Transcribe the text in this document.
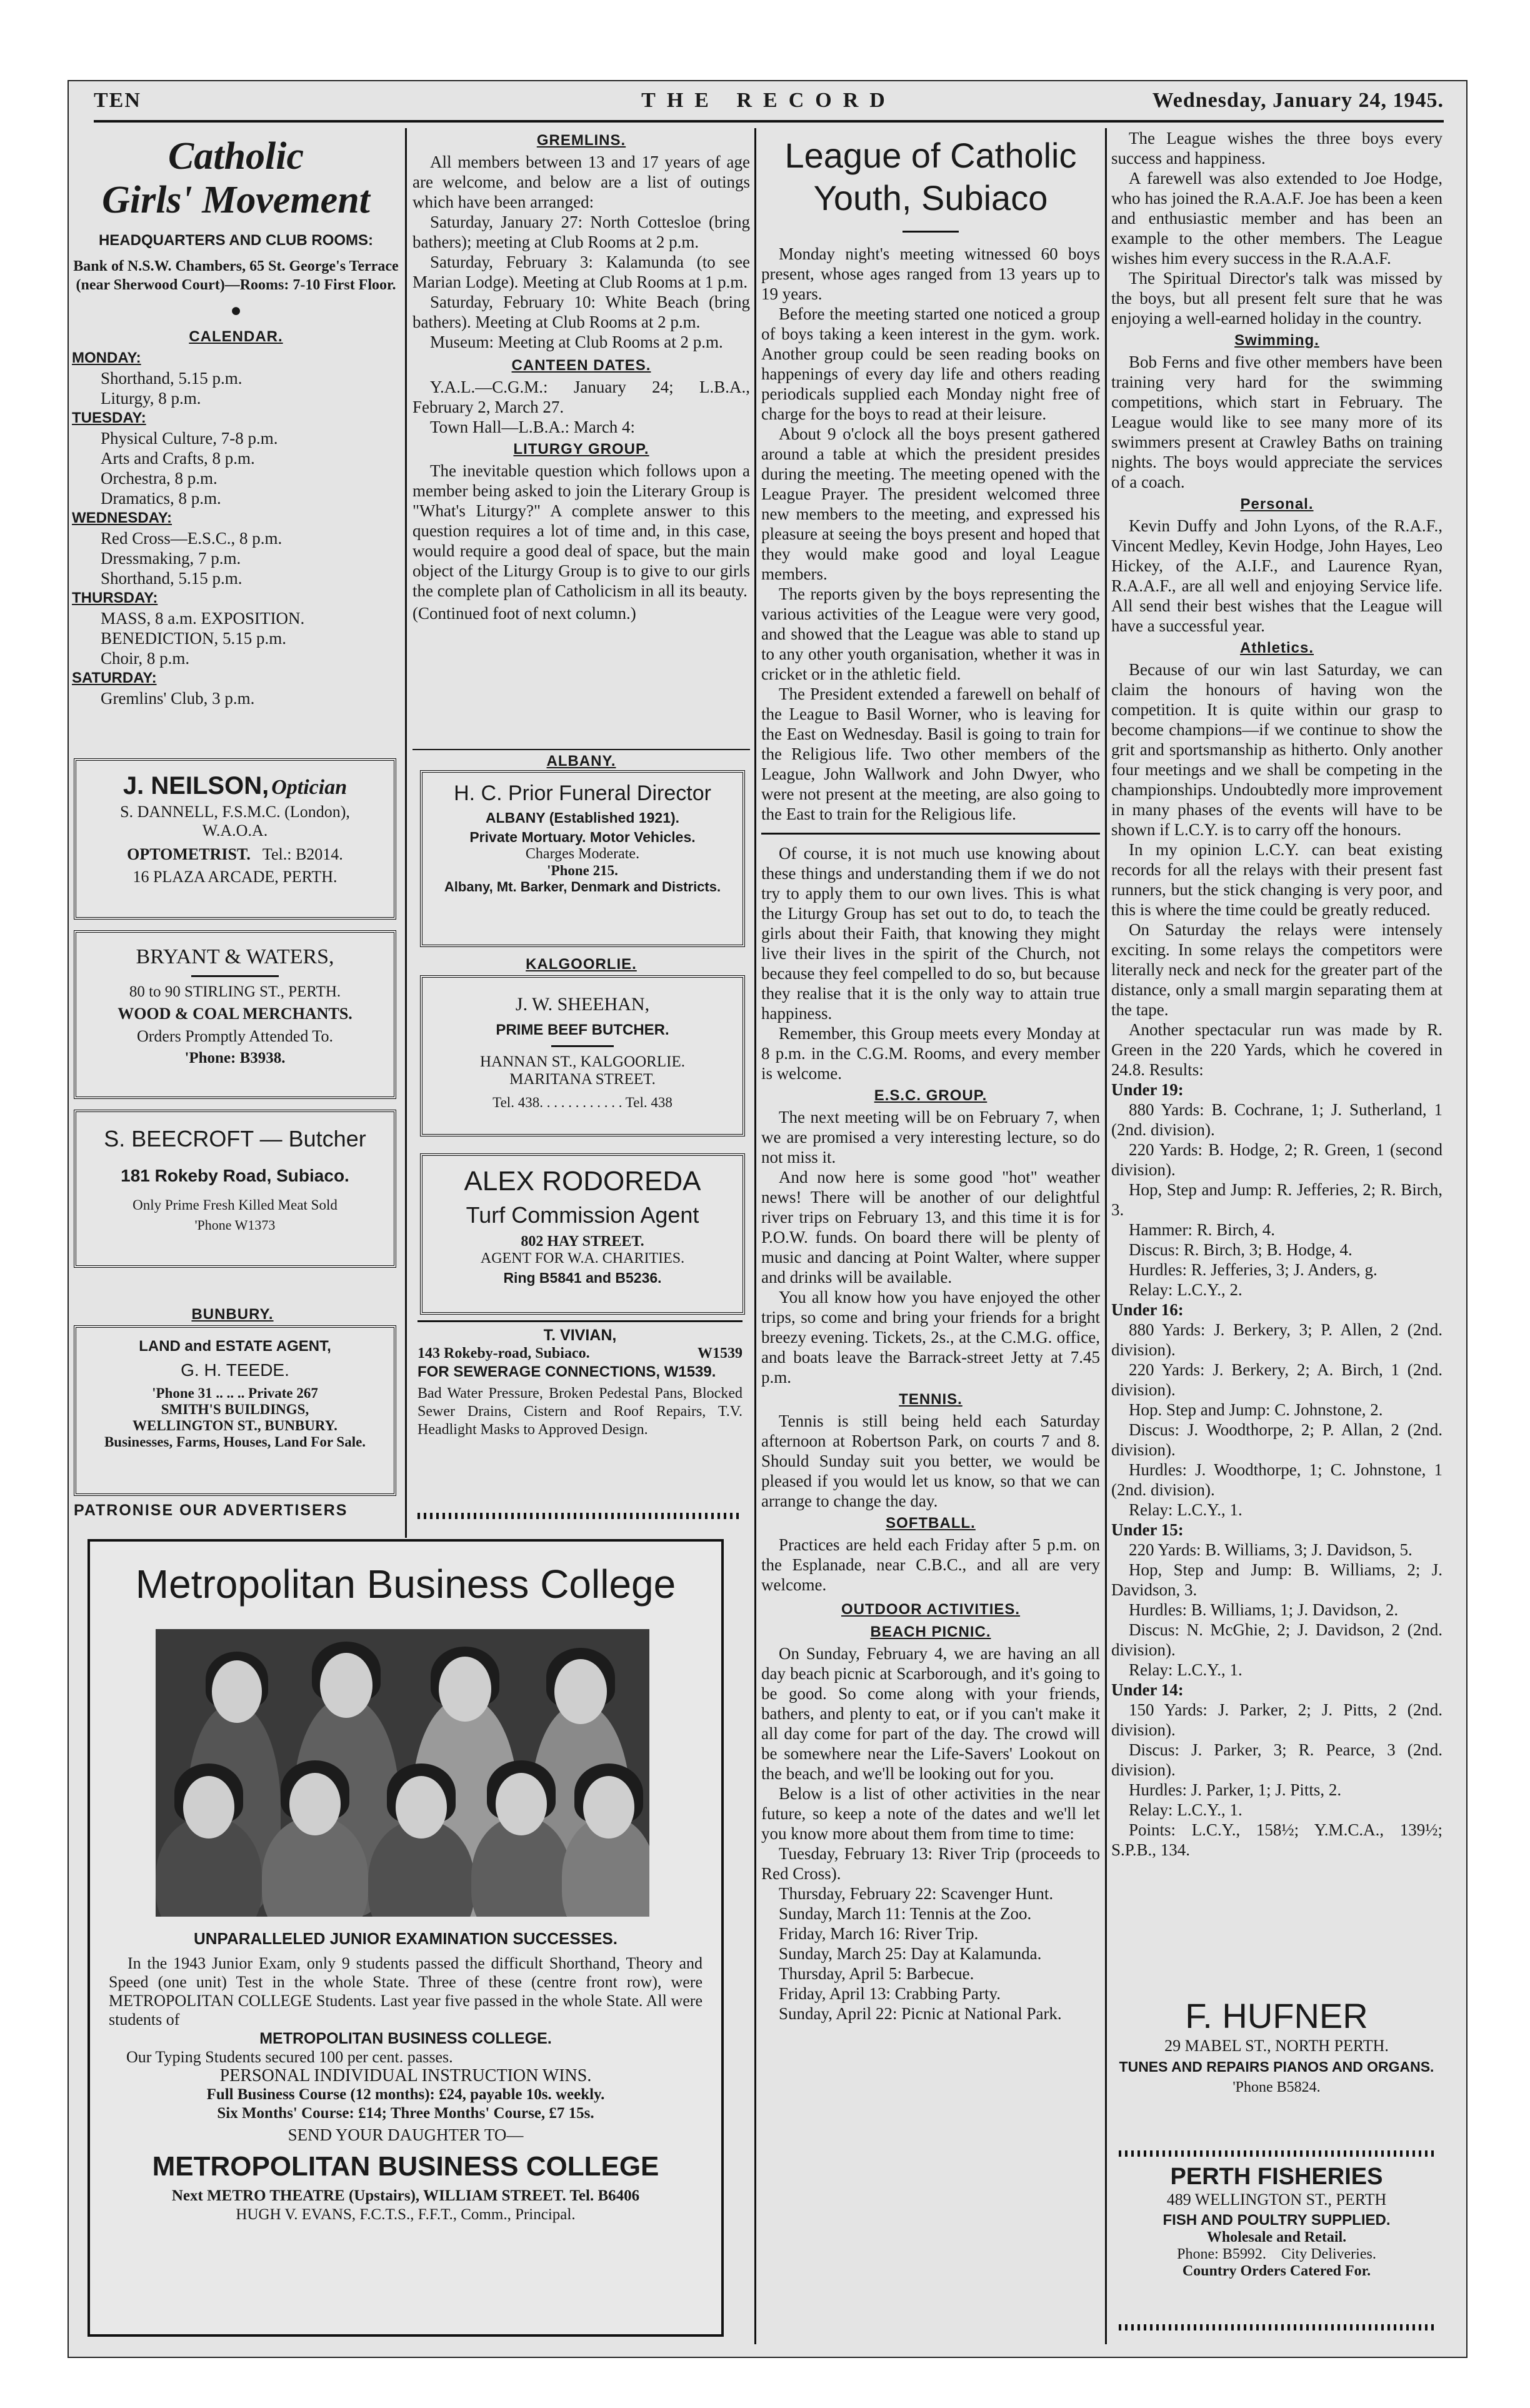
TEN	THE RECORD	Wednesday, January 24, 1945.
Catholic
Girls' Movement
HEADQUARTERS AND CLUB ROOMS:
Bank of N.S.W. Chambers, 65 St. George's Terrace (near Sherwood Court)—Rooms: 7-10 First Floor.
●
CALENDAR.
MONDAY:
Shorthand, 5.15 p.m.
Liturgy, 8 p.m.
TUESDAY:
Physical Culture, 7-8 p.m.
Arts and Crafts, 8 p.m.
Orchestra, 8 p.m.
Dramatics, 8 p.m.
WEDNESDAY:
Red Cross—E.S.C., 8 p.m.
Dressmaking, 7 p.m.
Shorthand, 5.15 p.m.
THURSDAY:
MASS, 8 a.m. EXPOSITION.
BENEDICTION, 5.15 p.m.
Choir, 8 p.m.
SATURDAY:
Gremlins' Club, 3 p.m.
J. NEILSON, Optician
S. DANNELL, F.S.M.C. (London),
W.A.O.A.
OPTOMETRIST. Tel.: B2014.
16 PLAZA ARCADE, PERTH.
BRYANT & WATERS,
80 to 90 STIRLING ST., PERTH.
WOOD & COAL MERCHANTS.
Orders Promptly Attended To.
'Phone: B3938.
S. BEECROFT — Butcher
181 Rokeby Road, Subiaco.
Only Prime Fresh Killed Meat Sold
'Phone W1373
BUNBURY.
LAND and ESTATE AGENT,
G. H. TEEDE.
'Phone 31 .. .. .. Private 267
SMITH'S BUILDINGS,
WELLINGTON ST., BUNBURY.
Businesses, Farms, Houses, Land For Sale.
PATRONISE OUR ADVERTISERS
GREMLINS.

All members between 13 and 17 years of age are welcome, and below are a list of outings which have been arranged:

Saturday, January 27: North Cottesloe (bring bathers); meeting at Club Rooms at 2 p.m.

Saturday, February 3: Kalamunda (to see Marian Lodge). Meeting at Club Rooms at 1 p.m.

Saturday, February 10: White Beach (bring bathers). Meeting at Club Rooms at 2 p.m.

Museum: Meeting at Club Rooms at 2 p.m.

CANTEEN DATES.

Y.A.L.—C.G.M.: January 24; L.B.A., February 2, March 27.

Town Hall—L.B.A.: March 4:

LITURGY GROUP.

The inevitable question which follows upon a member being asked to join the Literary Group is "What's Liturgy?" A complete answer to this question requires a lot of time and, in this case, would require a good deal of space, but the main object of the Liturgy Group is to give to our girls the complete plan of Catholicism in all its beauty.

(Continued foot of next column.)

ALBANY.
H. C. Prior Funeral Director
ALBANY (Established 1921).
Private Mortuary. Motor Vehicles.
Charges Moderate.
'Phone 215.
Albany, Mt. Barker, Denmark and Districts.
KALGOORLIE.
J. W. SHEEHAN,
PRIME BEEF BUTCHER.
HANNAN ST., KALGOORLIE.
MARITANA STREET.
Tel. 438. . . . . . . . . . . . Tel. 438
ALEX RODOREDA
Turf Commission Agent
802 HAY STREET.
AGENT FOR W.A. CHARITIES.
Ring B5841 and B5236.
T. VIVIAN,
143 Rokeby-road, Subiaco.	W1539
FOR SEWERAGE CONNECTIONS, W1539.

Bad Water Pressure, Broken Pedestal Pans, Blocked Sewer Drains, Cistern and Roof Repairs, T.V. Headlight Masks to Approved Design.

Metropolitan Business College
UNPARALLELED JUNIOR EXAMINATION SUCCESSES.

In the 1943 Junior Exam, only 9 students passed the difficult Shorthand, Theory and Speed (one unit) Test in the whole State. Three of these (centre front row), were METROPOLITAN COLLEGE Students. Last year five passed in the whole State. All were students of

METROPOLITAN BUSINESS COLLEGE.
Our Typing Students secured 100 per cent. passes.
PERSONAL INDIVIDUAL INSTRUCTION WINS.
Full Business Course (12 months): £24, payable 10s. weekly.
Six Months' Course: £14; Three Months' Course, £7 15s.
SEND YOUR DAUGHTER TO—
METROPOLITAN BUSINESS COLLEGE
Next METRO THEATRE (Upstairs), WILLIAM STREET. Tel. B6406
HUGH V. EVANS, F.C.T.S., F.F.T., Comm., Principal.
League of Catholic
Youth, Subiaco

Monday night's meeting witnessed 60 boys present, whose ages ranged from 13 years up to 19 years.

Before the meeting started one noticed a group of boys taking a keen interest in the gym. work. Another group could be seen reading books on happenings of every day life and others reading periodicals supplied each Monday night free of charge for the boys to read at their leisure.

About 9 o'clock all the boys present gathered around a table at which the president presides during the meeting. The meeting opened with the League Prayer. The president welcomed three new members to the meeting, and expressed his pleasure at seeing the boys present and hoped that they would make good and loyal League members.

The reports given by the boys representing the various activities of the League were very good, and showed that the League was able to stand up to any other youth organisation, whether it was in cricket or in the athletic field.

The President extended a farewell on behalf of the League to Basil Worner, who is leaving for the East on Wednesday. Basil is going to train for the Religious life. Two other members of the League, John Wallwork and John Dwyer, who were not present at the meeting, are also going to the East to train for the Religious life.

Of course, it is not much use knowing about these things and understanding them if we do not try to apply them to our own lives. This is what the Liturgy Group has set out to do, to teach the girls about their Faith, that knowing they might live their lives in the spirit of the Church, not because they feel compelled to do so, but because they realise that it is the only way to attain true happiness.

Remember, this Group meets every Monday at 8 p.m. in the C.G.M. Rooms, and every member is welcome.

E.S.C. GROUP.

The next meeting will be on February 7, when we are promised a very interesting lecture, so do not miss it.

And now here is some good "hot" weather news! There will be another of our delightful river trips on February 13, and this time it is for P.O.W. funds. On board there will be plenty of music and dancing at Point Walter, where supper and drinks will be available.

You all know how you have enjoyed the other trips, so come and bring your friends for a bright breezy evening. Tickets, 2s., at the C.M.G. office, and boats leave the Barrack-street Jetty at 7.45 p.m.

TENNIS.

Tennis is still being held each Saturday afternoon at Robertson Park, on courts 7 and 8. Should Sunday suit you better, we would be pleased if you would let us know, so that we can arrange to change the day.

SOFTBALL.

Practices are held each Friday after 5 p.m. on the Esplanade, near C.B.C., and all are very welcome.

OUTDOOR ACTIVITIES.
BEACH PICNIC.

On Sunday, February 4, we are having an all day beach picnic at Scarborough, and it's going to be good. So come along with your friends, bathers, and plenty to eat, or if you can't make it all day come for part of the day. The crowd will be somewhere near the Life-Savers' Lookout on the beach, and we'll be looking out for you.

Below is a list of other activities in the near future, so keep a note of the dates and we'll let you know more about them from time to time:

Tuesday, February 13: River Trip (proceeds to Red Cross).

Thursday, February 22: Scavenger Hunt.

Sunday, March 11: Tennis at the Zoo.

Friday, March 16: River Trip.

Sunday, March 25: Day at Kalamunda.

Thursday, April 5: Barbecue.

Friday, April 13: Crabbing Party.

Sunday, April 22: Picnic at National Park.

The League wishes the three boys every success and happiness.

A farewell was also extended to Joe Hodge, who has joined the R.A.A.F. Joe has been a keen and enthusiastic member and has been an example to the other members. The League wishes him every success in the R.A.A.F.

The Spiritual Director's talk was missed by the boys, but all present felt sure that he was enjoying a well-earned holiday in the country.

Swimming.

Bob Ferns and five other members have been training very hard for the swimming competitions, which start in February. The League would like to see many more of its swimmers present at Crawley Baths on training nights. The boys would appreciate the services of a coach.

Personal.

Kevin Duffy and John Lyons, of the R.A.F., Vincent Medley, Kevin Hodge, John Hayes, Leo Hickey, of the A.I.F., and Laurence Ryan, R.A.A.F., are all well and enjoying Service life. All send their best wishes that the League will have a successful year.

Athletics.

Because of our win last Saturday, we can claim the honours of having won the competition. It is quite within our grasp to become champions—if we continue to show the grit and sportsmanship as hitherto. Only another four meetings and we shall be competing in the championships. Undoubtedly more improvement in many phases of the events will have to be shown if L.C.Y. is to carry off the honours.

In my opinion L.C.Y. can beat existing records for all the relays with their present fast runners, but the stick changing is very poor, and this is where the time could be greatly reduced.

On Saturday the relays were intensely exciting. In some relays the competitors were literally neck and neck for the greater part of the distance, only a small margin separating them at the tape.

Another spectacular run was made by R. Green in the 220 Yards, which he covered in 24.8. Results:

Under 19:

880 Yards: B. Cochrane, 1; J. Sutherland, 1 (2nd. division).

220 Yards: B. Hodge, 2; R. Green, 1 (second division).

Hop, Step and Jump: R. Jefferies, 2; R. Birch, 3.

Hammer: R. Birch, 4.

Discus: R. Birch, 3; B. Hodge, 4.

Hurdles: R. Jefferies, 3; J. Anders, g.

Relay: L.C.Y., 2.

Under 16:

880 Yards: J. Berkery, 3; P. Allen, 2 (2nd. division).

220 Yards: J. Berkery, 2; A. Birch, 1 (2nd. division).

Hop. Step and Jump: C. Johnstone, 2.

Discus: J. Woodthorpe, 2; P. Allan, 2 (2nd. division).

Hurdles: J. Woodthorpe, 1; C. Johnstone, 1 (2nd. division).

Relay: L.C.Y., 1.

Under 15:

220 Yards: B. Williams, 3; J. Davidson, 5.

Hop, Step and Jump: B. Williams, 2; J. Davidson, 3.

Hurdles: B. Williams, 1; J. Davidson, 2.

Discus: N. McGhie, 2; J. Davidson, 2 (2nd. division).

Relay: L.C.Y., 1.

Under 14:

150 Yards: J. Parker, 2; J. Pitts, 2 (2nd. division).

Discus: J. Parker, 3; R. Pearce, 3 (2nd. division).

Hurdles: J. Parker, 1; J. Pitts, 2.

Relay: L.C.Y., 1.

Points: L.C.Y., 158½; Y.M.C.A., 139½; S.P.B., 134.

F. HUFNER
29 MABEL ST., NORTH PERTH.
TUNES AND REPAIRS PIANOS AND ORGANS.
'Phone B5824.
PERTH FISHERIES
489 WELLINGTON ST., PERTH
FISH AND POULTRY SUPPLIED.
Wholesale and Retail.
Phone: B5992. City Deliveries.
Country Orders Catered For.
